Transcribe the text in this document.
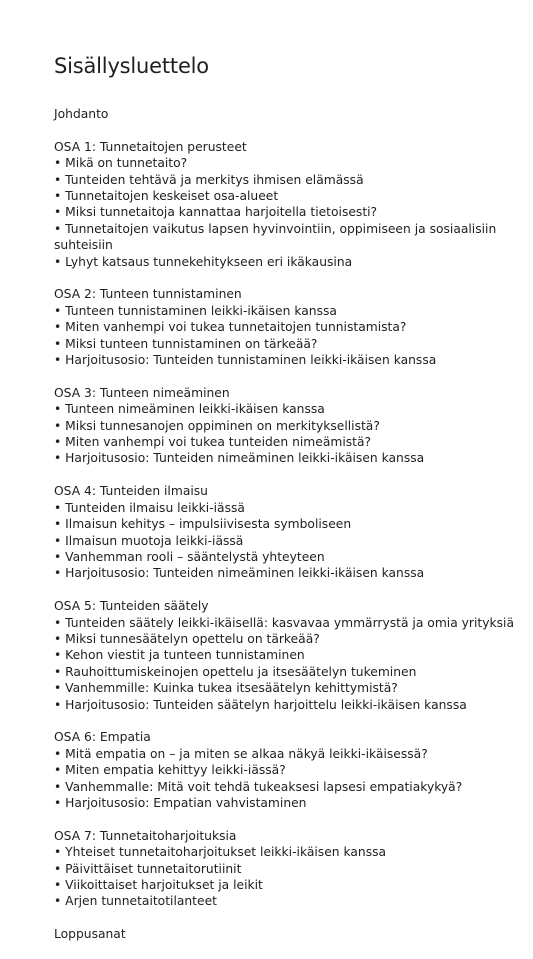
Sisällysluettelo
Johdanto
OSA 1: Tunnetaitojen perusteet
• Mikä on tunnetaito?
• Tunteiden tehtävä ja merkitys ihmisen elämässä
• Tunnetaitojen keskeiset osa-alueet
• Miksi tunnetaitoja kannattaa harjoitella tietoisesti?
• Tunnetaitojen vaikutus lapsen hyvinvointiin, oppimiseen ja sosiaalisiin suhteisiin
• Lyhyt katsaus tunnekehitykseen eri ikäkausina
OSA 2: Tunteen tunnistaminen
• Tunteen tunnistaminen leikki-ikäisen kanssa
• Miten vanhempi voi tukea tunnetaitojen tunnistamista?
• Miksi tunteen tunnistaminen on tärkeää?
• Harjoitusosio: Tunteiden tunnistaminen leikki-ikäisen kanssa
OSA 3: Tunteen nimeäminen
• Tunteen nimeäminen leikki-ikäisen kanssa
• Miksi tunnesanojen oppiminen on merkityksellistä?
• Miten vanhempi voi tukea tunteiden nimeämistä?
• Harjoitusosio: Tunteiden nimeäminen leikki-ikäisen kanssa
OSA 4: Tunteiden ilmaisu
• Tunteiden ilmaisu leikki-iässä
• Ilmaisun kehitys – impulsiivisesta symboliseen
• Ilmaisun muotoja leikki-iässä
• Vanhemman rooli – sääntelystä yhteyteen
• Harjoitusosio: Tunteiden nimeäminen leikki-ikäisen kanssa
OSA 5: Tunteiden säätely
• Tunteiden säätely leikki-ikäisellä: kasvavaa ymmärrystä ja omia yrityksiä
• Miksi tunnesäätelyn opettelu on tärkeää?
• Kehon viestit ja tunteen tunnistaminen
• Rauhoittumiskeinojen opettelu ja itsesäätelyn tukeminen
• Vanhemmille: Kuinka tukea itsesäätelyn kehittymistä?
• Harjoitusosio: Tunteiden säätelyn harjoittelu leikki-ikäisen kanssa
OSA 6: Empatia
• Mitä empatia on – ja miten se alkaa näkyä leikki-ikäisessä?
• Miten empatia kehittyy leikki-iässä?
• Vanhemmalle: Mitä voit tehdä tukeaksesi lapsesi empatiakykyä?
• Harjoitusosio: Empatian vahvistaminen
OSA 7: Tunnetaitoharjoituksia
• Yhteiset tunnetaitoharjoitukset leikki-ikäisen kanssa
• Päivittäiset tunnetaitorutiinit
• Viikoittaiset harjoitukset ja leikit
• Arjen tunnetaitotilanteet
Loppusanat
